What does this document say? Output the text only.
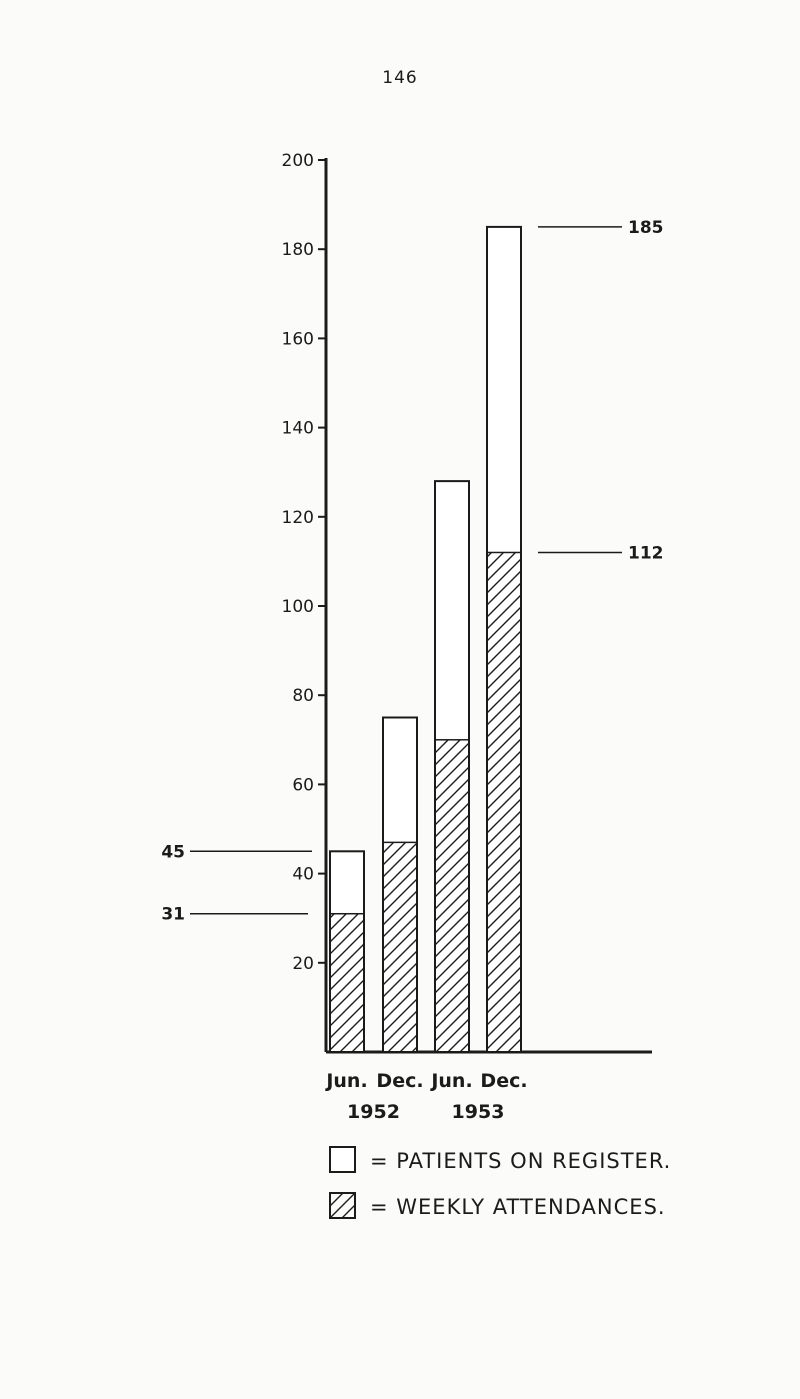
146
20
40
60
80
100
120
140
160
180
200
185
112
45
31
Jun. Dec. Jun. Dec.
1952	1953
= PATIENTS ON REGISTER.
= WEEKLY ATTENDANCES.
